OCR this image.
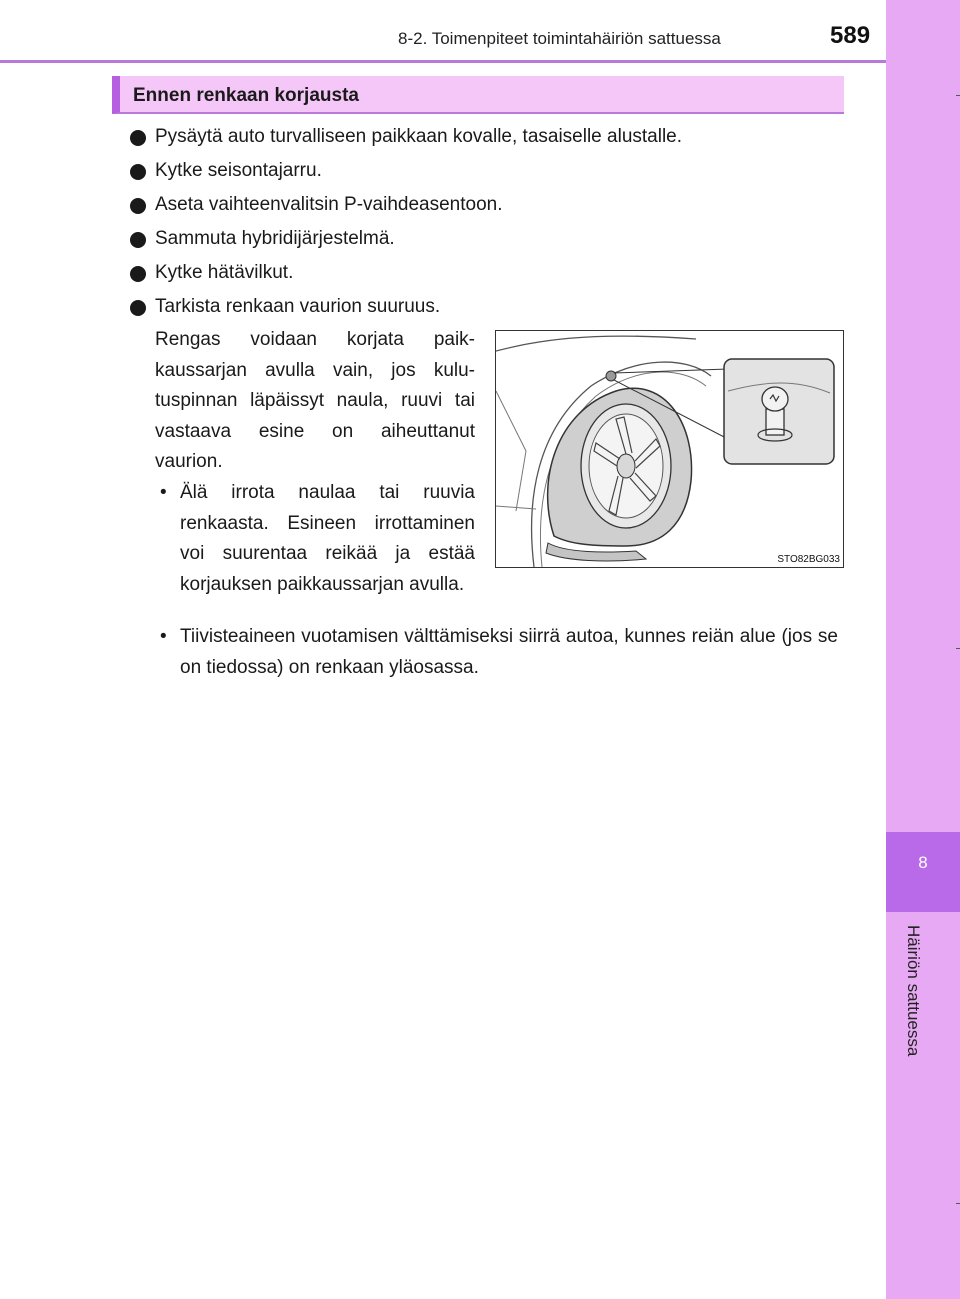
8
Häiriön sattuessa
8-2. Toimenpiteet toimintahäiriön sattuessa	589
Ennen renkaan korjausta
Pysäytä auto turvalliseen paikkaan kovalle, tasaiselle alustalle.
Kytke seisontajarru.
Aseta vaihteenvalitsin P-vaihdeasentoon.
Sammuta hybridijärjestelmä.
Kytke hätävilkut.
Tarkista renkaan vaurion suuruus.
Rengas voidaan korjata paikkaussarjan avulla vain, jos kulutuspinnan läpäissyt naula, ruuvi tai vastaava esine on aiheuttanut vaurion.
• Älä irrota naulaa tai ruuvia renkaasta. Esineen irrottaminen voi suurentaa reikää ja estää korjauksen paikkaussarjan avulla.
• Tiivisteaineen vuotamisen välttämiseksi siirrä autoa, kunnes reiän alue (jos se on tiedossa) on renkaan yläosassa.
STO82BG033
